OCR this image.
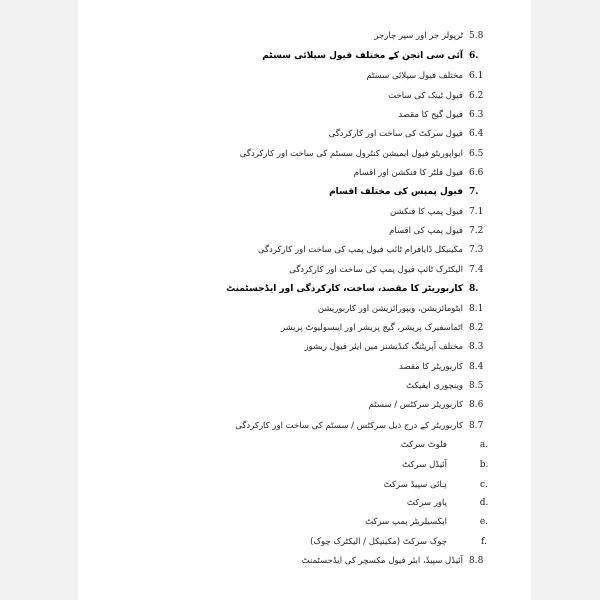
ٹرپولر جر اور سپر چارجر 5.8
آئی سی انجن کے مختلف فیول سپلائی سسٹم 6.
مختلف فیول سپلائی سسٹم 6.1
فیول ٹینک کی ساخت 6.2
فیول گیج کا مقصد 6.3
فیول سرکٹ کی ساخت اور کارکردگی 6.4
ایواپوریٹو فیول ایمیشن کنٹرول سسٹم کی ساخت اور کارکردگی 6.5
فیول فلٹر کا فنکشن اور اقسام 6.6
فیول پمپس کی مختلف اقسام 7.
فیول پمپ کا فنکشن 7.1
فیول پمپ کی اقسام 7.2
مکینیکل ڈایافرام ٹائپ فیول پمپ کی ساخت اور کارکردگی 7.3
الیکٹرک ٹائپ فیول پمپ کی ساخت اور کارکردگی 7.4
کاربوریٹر کا مقصد، ساخت، کارکردگی اور ایڈجسٹمنٹ 8.
ایٹومائزیشن، ویپورائزیشن اور کاربوریشن 8.1
اٹماسفیرک پریشر، گیج پریشر اور ایبسولیوٹ پریشر 8.2
مختلف آپریٹنگ کنڈیشنز میں ایئر فیول ریشوز 8.3
کاربوریٹر کا مقصد 8.4
وینچوری ایفیکٹ 8.5
کاربوریٹر سرکٹس / سسٹم 8.6
کاربوریٹر کے درج ذیل سرکٹس / سسٹم کی ساخت اور کارکردگی 8.7
فلوٹ سرکٹ	a.
آئیڈل سرکٹ	b.
ہائی سپیڈ سرکٹ	c.
پاور سرکٹ	d.
ایکسیلریٹر پمپ سرکٹ	e.
چوک سرکٹ (مکینیکل / الیکٹرک چوک)	f.
آئیڈل سپیڈ، ایئر فیول مکسچر کی ایڈجسٹمنٹ 8.8
